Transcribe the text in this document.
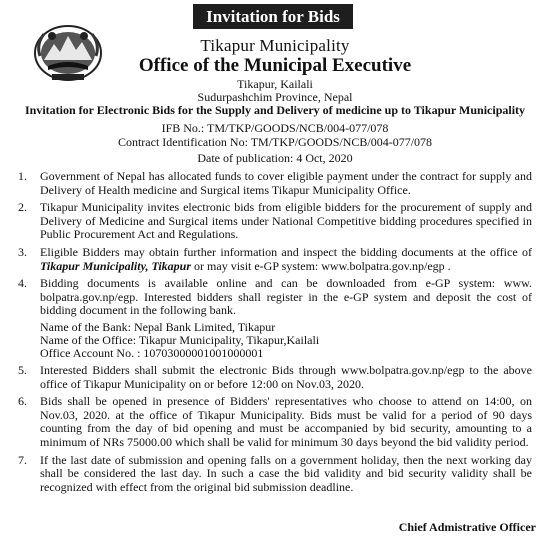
Invitation for Bids
Tikapur Municipality
Office of the Municipal Executive
Tikapur, Kailali
Sudurpashchim Province, Nepal
Invitation for Electronic Bids for the Supply and Delivery of medicine up to Tikapur Municipality
IFB No.: TM/TKP/GOODS/NCB/004-077/078
Contract Identification No: TM/TKP/GOODS/NCB/004-077/078
Date of publication: 4 Oct, 2020
1. Government of Nepal has allocated funds to cover eligible payment under the contract for supply and Delivery of Health medicine and Surgical items Tikapur Municipality Office.
2. Tikapur Municipality invites electronic bids from eligible bidders for the procurement of supply and Delivery of Medicine and Surgical items under National Competitive bidding procedures specified in Public Procurement Act and Regulations.
3. Eligible Bidders may obtain further information and inspect the bidding documents at the office of Tikapur Municipality, Tikapur or may visit e-GP system: www.bolpatra.gov.np/egp .
4. Bidding documents is available online and can be downloaded from e-GP system: www. bolpatra.gov.np/egp. Interested bidders shall register in the e-GP system and deposit the cost of bidding document in the following bank.
Name of the Bank: Nepal Bank Limited, Tikapur
Name of the Office: Tikapur Municipality, Tikapur,Kailali
Office Account No. : 10703000001001000001
5. Interested Bidders shall submit the electronic Bids through www.bolpatra.gov.np/egp to the above office of Tikapur Municipality on or before 12:00 on Nov.03, 2020.
6. Bids shall be opened in presence of Bidders' representatives who choose to attend on 14:00, on Nov.03, 2020. at the office of Tikapur Municipality. Bids must be valid for a period of 90 days counting from the day of bid opening and must be accompanied by bid security, amounting to a minimum of NRs 75000.00 which shall be valid for minimum 30 days beyond the bid validity period.
7. If the last date of submission and opening falls on a government holiday, then the next working day shall be considered the last day. In such a case the bid validity and bid security validity shall be recognized with effect from the original bid submission deadline.
Chief Admistrative Officer
